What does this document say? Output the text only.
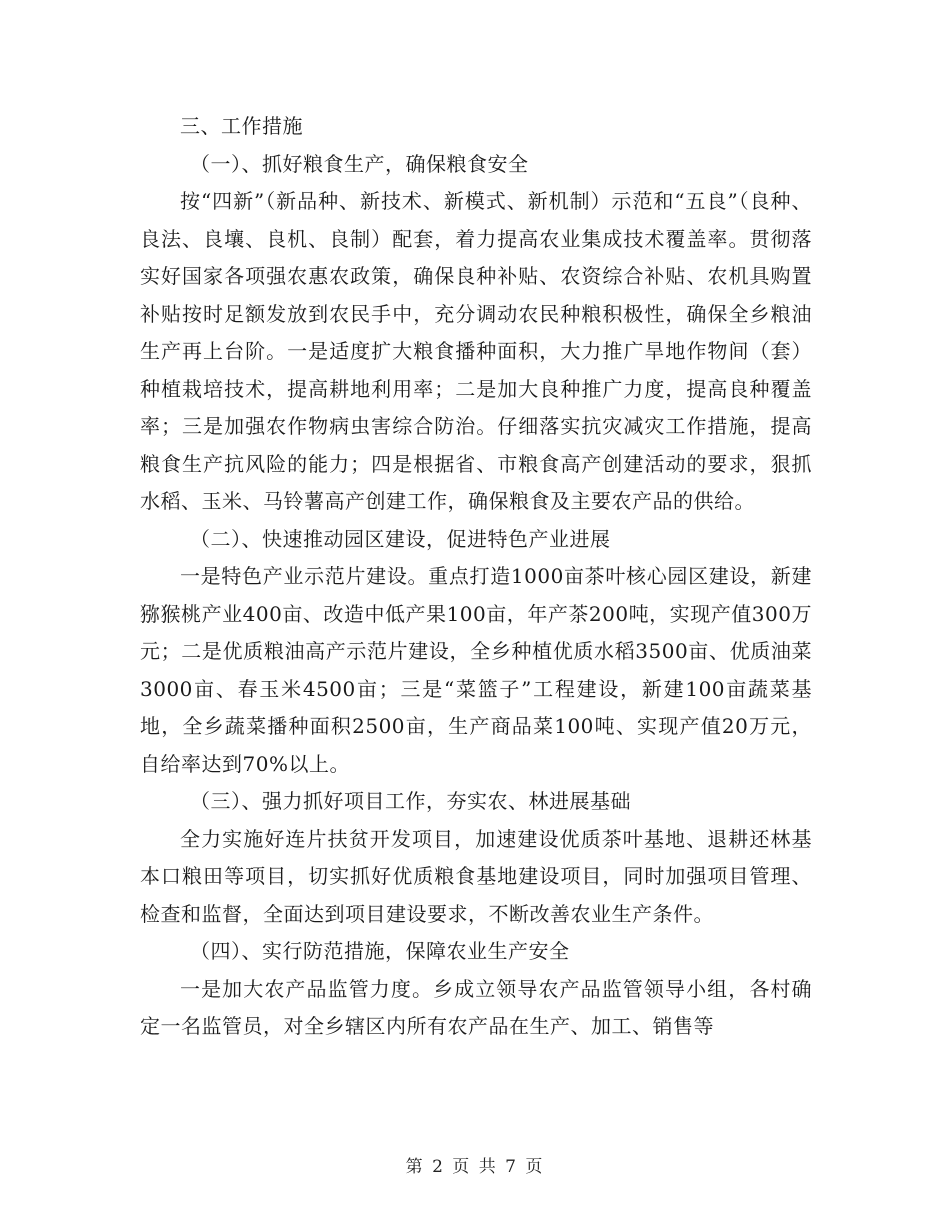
三、工作措施

（一）、抓好粮食生产，确保粮食安全

按“四新”（新品种、新技术、新模式、新机制）示范和“五良”（良种、良法、良壤、良机、良制）配套，着力提高农业集成技术覆盖率。贯彻落实好国家各项强农惠农政策，确保良种补贴、农资综合补贴、农机具购置补贴按时足额发放到农民手中，充分调动农民种粮积极性，确保全乡粮油生产再上台阶。一是适度扩大粮食播种面积，大力推广旱地作物间（套）种植栽培技术，提高耕地利用率；二是加大良种推广力度，提高良种覆盖率；三是加强农作物病虫害综合防治。仔细落实抗灾减灾工作措施，提高粮食生产抗风险的能力；四是根据省、市粮食高产创建活动的要求，狠抓水稻、玉米、马铃薯高产创建工作，确保粮食及主要农产品的供给。

（二）、快速推动园区建设，促进特色产业进展

一是特色产业示范片建设。重点打造1000亩茶叶核心园区建设，新建猕猴桃产业400亩、改造中低产果100亩，年产茶200吨，实现产值300万元；二是优质粮油高产示范片建设，全乡种植优质水稻3500亩、优质油菜3000亩、春玉米4500亩；三是“菜篮子”工程建设，新建100亩蔬菜基地，全乡蔬菜播种面积2500亩，生产商品菜100吨、实现产值20万元，自给率达到70%以上。

（三）、强力抓好项目工作，夯实农、林进展基础

全力实施好连片扶贫开发项目，加速建设优质茶叶基地、退耕还林基本口粮田等项目，切实抓好优质粮食基地建设项目，同时加强项目管理、检查和监督，全面达到项目建设要求，不断改善农业生产条件。

（四）、实行防范措施，保障农业生产安全

一是加大农产品监管力度。乡成立领导农产品监管领导小组，各村确定一名监管员，对全乡辖区内所有农产品在生产、加工、销售等

第 2 页 共 7 页
